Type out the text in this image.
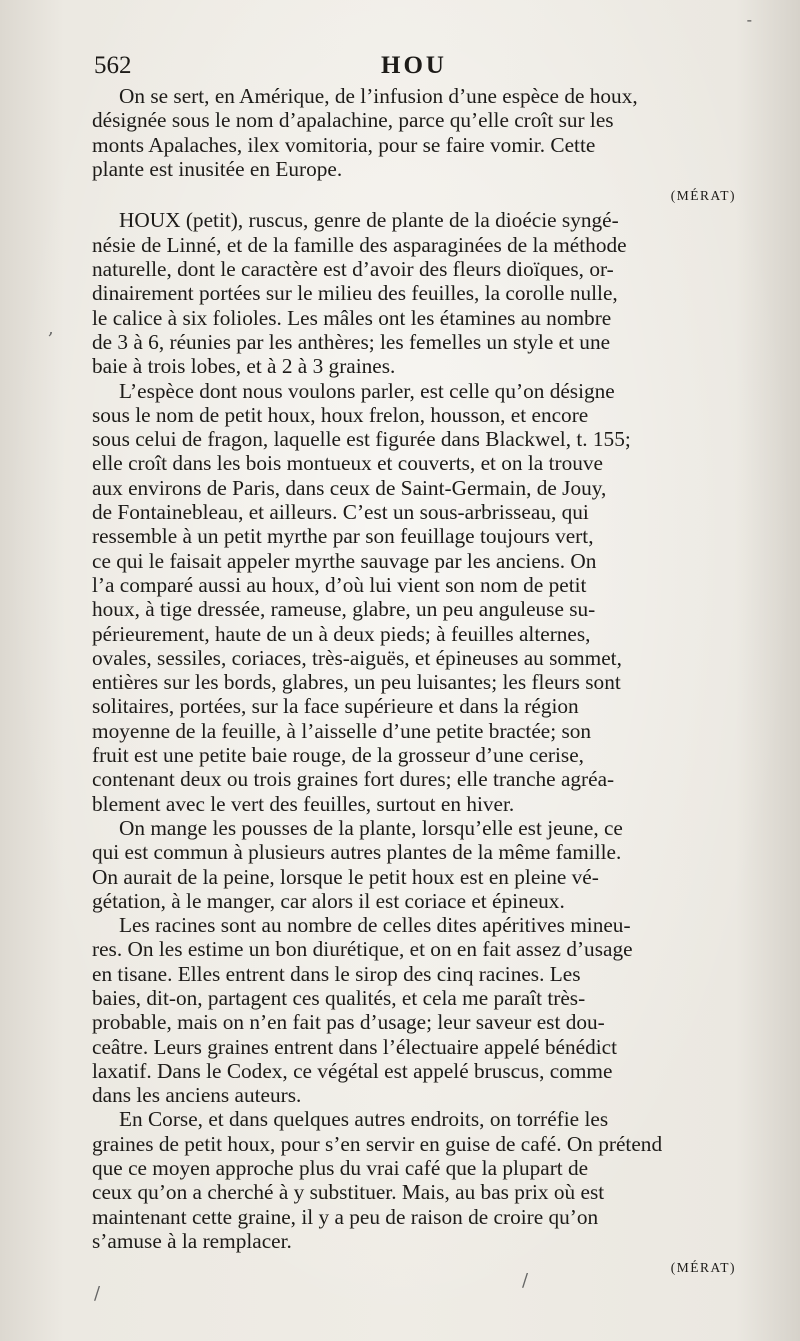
-
562	HOU
,

On se sert, en Amérique, de l’infusion d’une espèce de houx,
désignée sous le nom d’apalachine, parce qu’elle croît sur les
monts Apalaches, ilex vomitoria, pour se faire vomir. Cette
plante est inusitée en Europe.

(MÉRAT)

HOUX (petit), ruscus, genre de plante de la dioécie syngé-
nésie de Linné, et de la famille des asparaginées de la méthode
naturelle, dont le caractère est d’avoir des fleurs dioïques, or-
dinairement portées sur le milieu des feuilles, la corolle nulle,
le calice à six folioles. Les mâles ont les étamines au nombre
de 3 à 6, réunies par les anthères; les femelles un style et une
baie à trois lobes, et à 2 à 3 graines.

L’espèce dont nous voulons parler, est celle qu’on désigne
sous le nom de petit houx, houx frelon, housson, et encore
sous celui de fragon, laquelle est figurée dans Blackwel, t. 155;
elle croît dans les bois montueux et couverts, et on la trouve
aux environs de Paris, dans ceux de Saint-Germain, de Jouy,
de Fontainebleau, et ailleurs. C’est un sous-arbrisseau, qui
ressemble à un petit myrthe par son feuillage toujours vert,
ce qui le faisait appeler myrthe sauvage par les anciens. On
l’a comparé aussi au houx, d’où lui vient son nom de petit
houx, à tige dressée, rameuse, glabre, un peu anguleuse su-
périeurement, haute de un à deux pieds; à feuilles alternes,
ovales, sessiles, coriaces, très-aiguës, et épineuses au sommet,
entières sur les bords, glabres, un peu luisantes; les fleurs sont
solitaires, portées, sur la face supérieure et dans la région
moyenne de la feuille, à l’aisselle d’une petite bractée; son
fruit est une petite baie rouge, de la grosseur d’une cerise,
contenant deux ou trois graines fort dures; elle tranche agréa-
blement avec le vert des feuilles, surtout en hiver.

On mange les pousses de la plante, lorsqu’elle est jeune, ce
qui est commun à plusieurs autres plantes de la même famille.
On aurait de la peine, lorsque le petit houx est en pleine vé-
gétation, à le manger, car alors il est coriace et épineux.

Les racines sont au nombre de celles dites apéritives mineu-
res. On les estime un bon diurétique, et on en fait assez d’usage
en tisane. Elles entrent dans le sirop des cinq racines. Les
baies, dit-on, partagent ces qualités, et cela me paraît très-
probable, mais on n’en fait pas d’usage; leur saveur est dou-
ceâtre. Leurs graines entrent dans l’électuaire appelé bénédict
laxatif. Dans le Codex, ce végétal est appelé bruscus, comme
dans les anciens auteurs.

En Corse, et dans quelques autres endroits, on torréfie les
graines de petit houx, pour s’en servir en guise de café. On prétend
que ce moyen approche plus du vrai café que la plupart de
ceux qu’on a cherché à y substituer. Mais, au bas prix où est
maintenant cette graine, il y a peu de raison de croire qu’on
s’amuse à la remplacer.

(MÉRAT)

/
/
